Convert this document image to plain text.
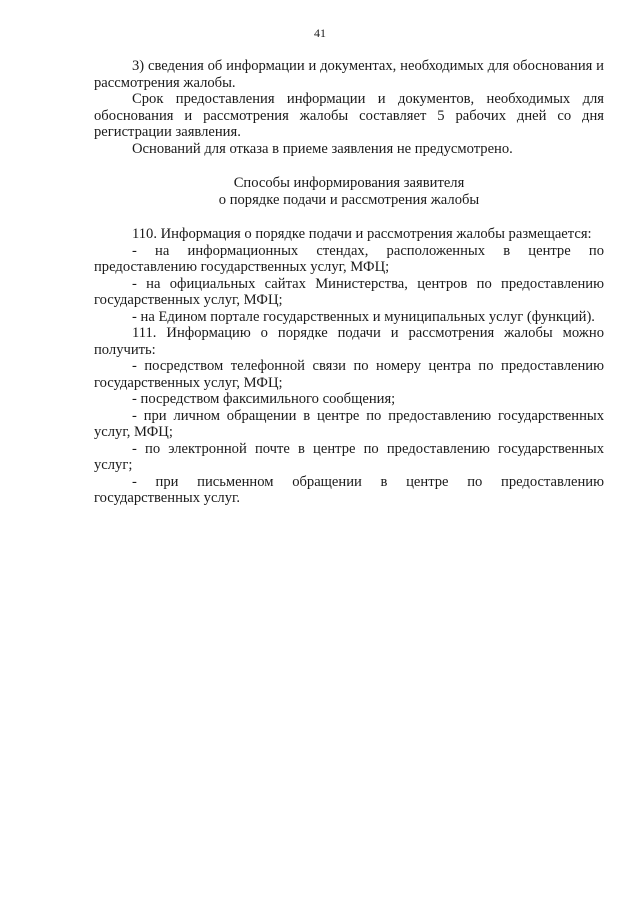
41

3) сведения об информации и документах, необходимых для обоснования и рассмотрения жалобы.

Срок предоставления информации и документов, необходимых для обоснования и рассмотрения жалобы составляет 5 рабочих дней со дня регистрации заявления.

Оснований для отказа в приеме заявления не предусмотрено.

Способы информирования заявителя
о порядке подачи и рассмотрения жалобы

110. Информация о порядке подачи и рассмотрения жалобы размещается:

- на информационных стендах, расположенных в центре по предоставлению государственных услуг, МФЦ;

- на официальных сайтах Министерства, центров по предоставлению государственных услуг, МФЦ;

- на Едином портале государственных и муниципальных услуг (функций).

111. Информацию о порядке подачи и рассмотрения жалобы можно получить:

- посредством телефонной связи по номеру центра по предоставлению государственных услуг, МФЦ;

- посредством факсимильного сообщения;

- при личном обращении в центре по предоставлению государственных услуг, МФЦ;

- по электронной почте в центре по предоставлению государственных услуг;

- при письменном обращении в центре по предоставлению государственных услуг.
